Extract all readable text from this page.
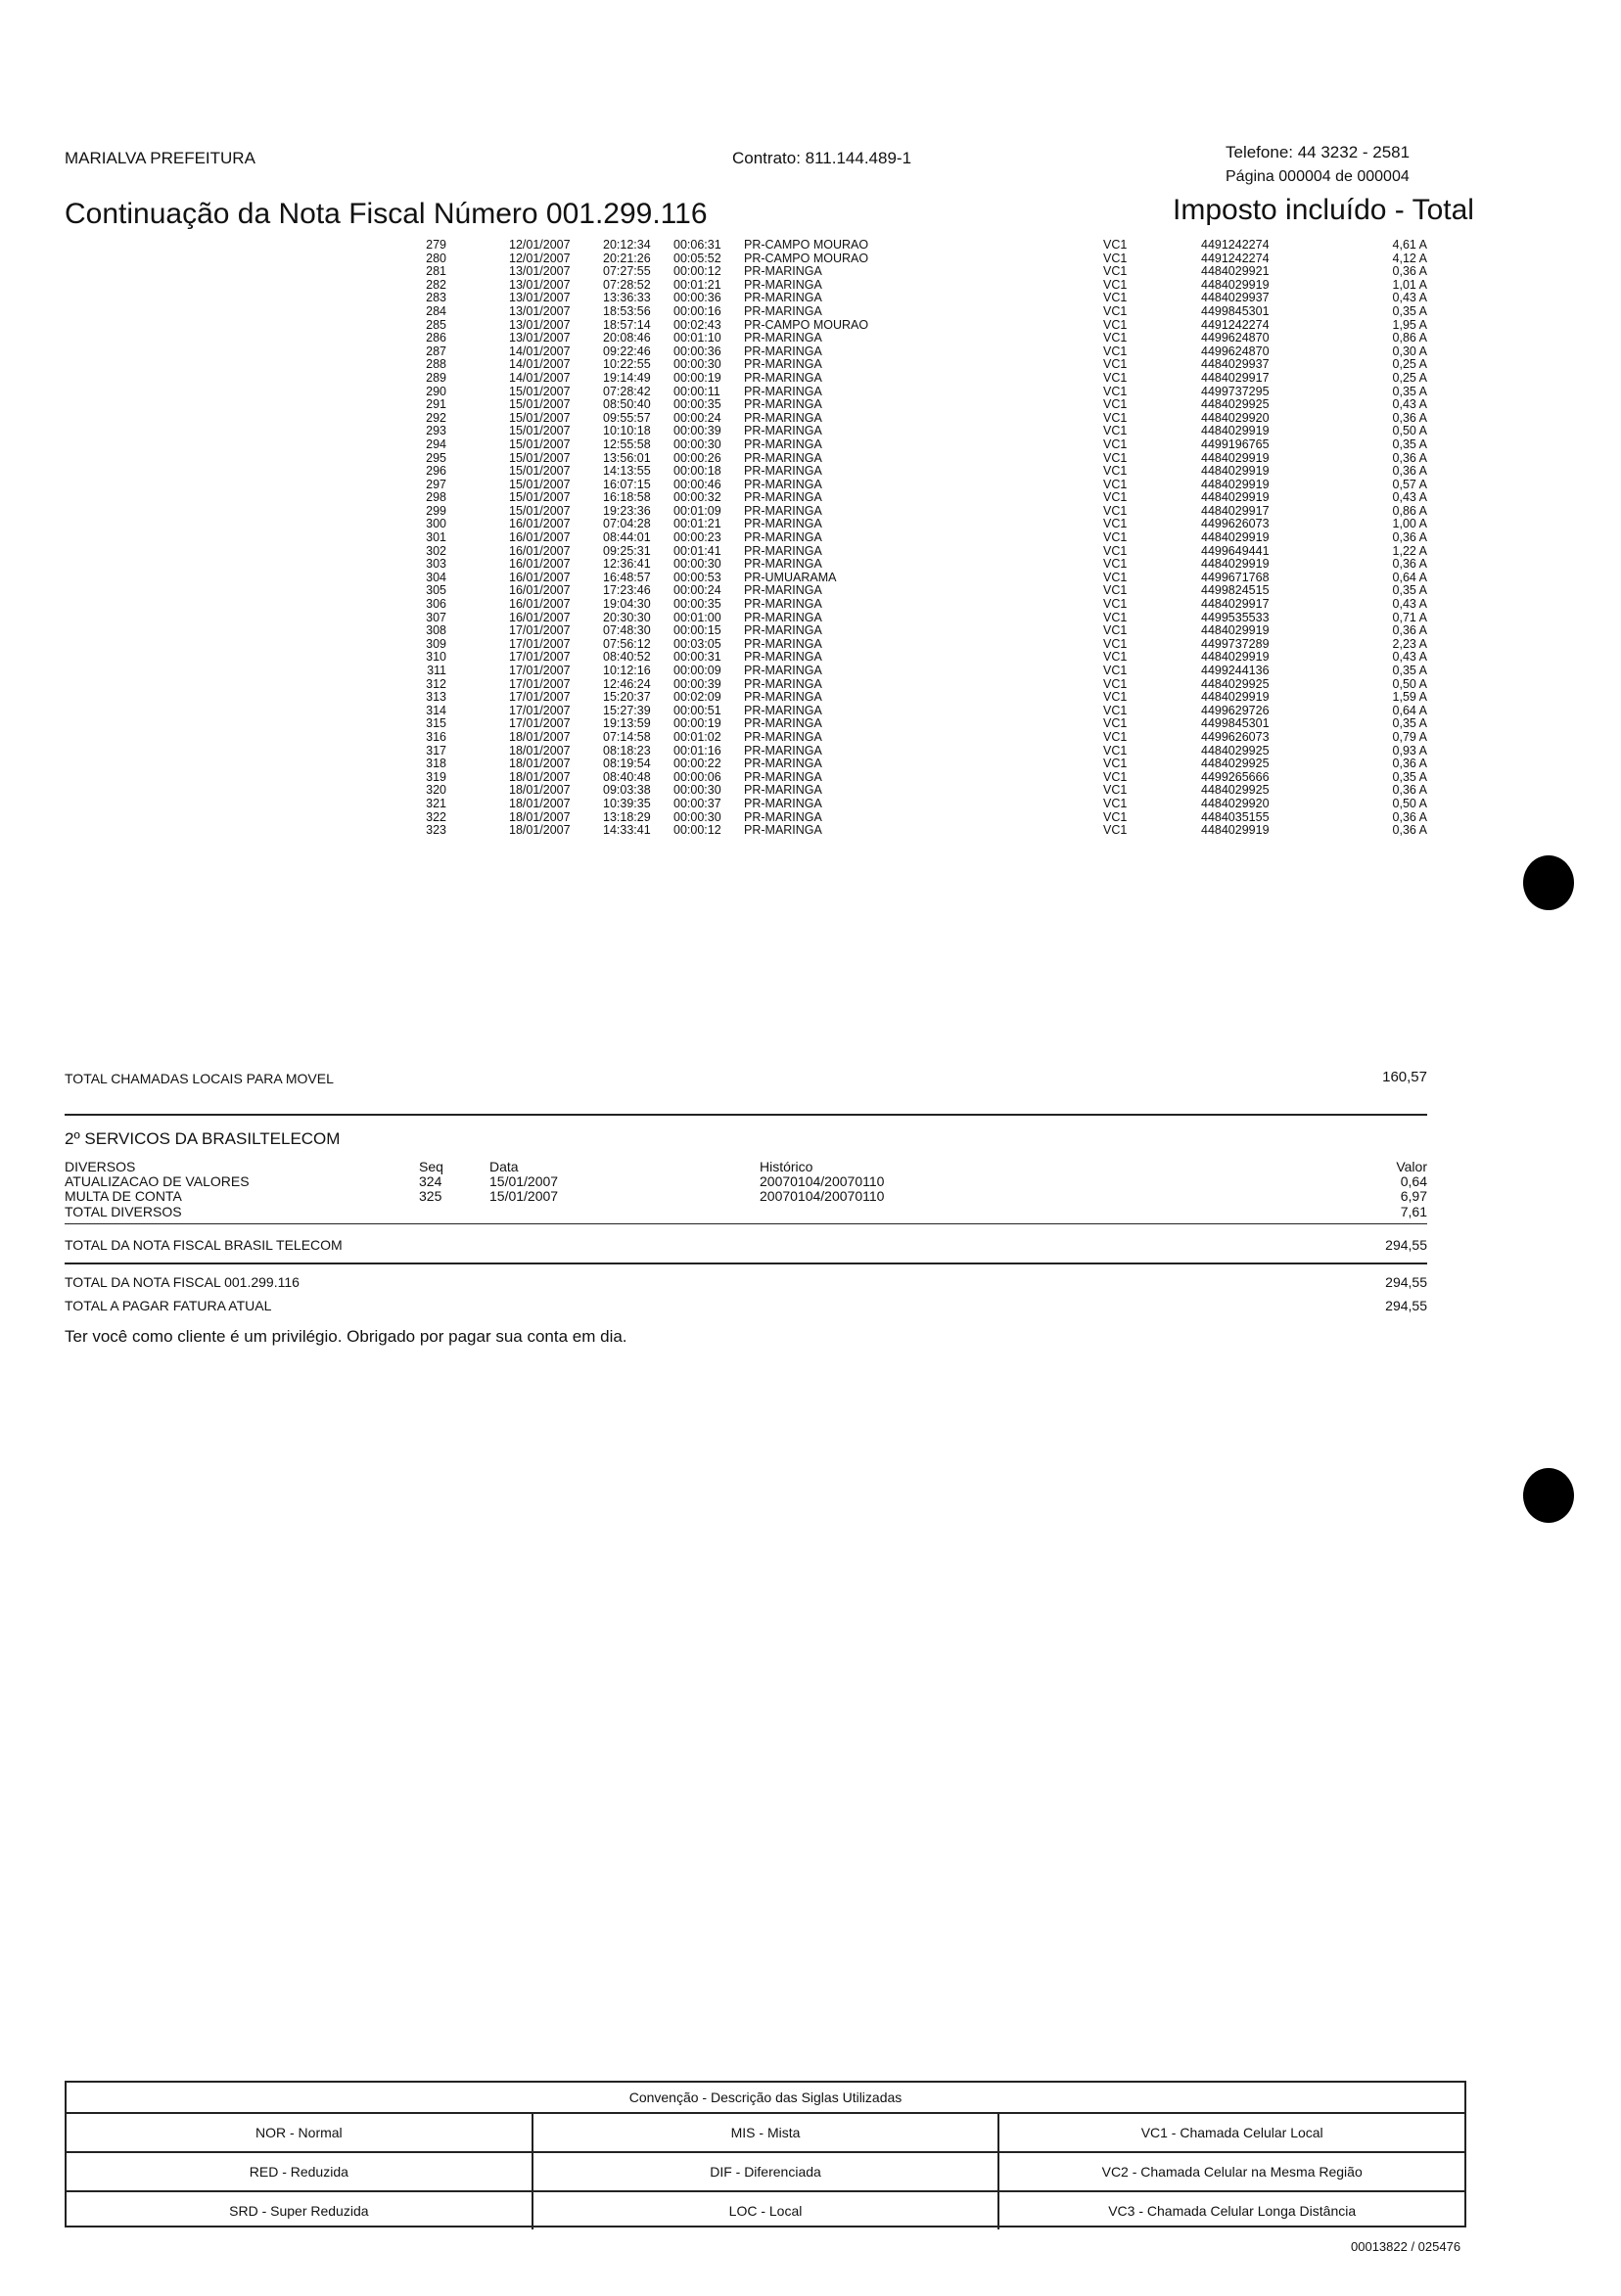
MARIALVA PREFEITURA	Contrato: 811.144.489-1	Telefone: 44 3232 - 2581
Página 000004 de 000004
Continuação da Nota Fiscal Número 001.299.116	Imposto incluído - Total
279	12/01/2007	20:12:34 00:06:31 PR-CAMPO MOURAO	VC1	4491242274	4,61 A
280	12/01/2007	20:21:26 00:05:52 PR-CAMPO MOURAO	VC1	4491242274	4,12 A
281	13/01/2007	07:27:55 00:00:12 PR-MARINGA	VC1	4484029921	0,36 A
282	13/01/2007	07:28:52 00:01:21 PR-MARINGA	VC1	4484029919	1,01 A
283	13/01/2007	13:36:33 00:00:36 PR-MARINGA	VC1	4484029937	0,43 A
284	13/01/2007	18:53:56 00:00:16 PR-MARINGA	VC1	4499845301	0,35 A
285	13/01/2007	18:57:14 00:02:43 PR-CAMPO MOURAO	VC1	4491242274	1,95 A
286	13/01/2007	20:08:46 00:01:10 PR-MARINGA	VC1	4499624870	0,86 A
287	14/01/2007	09:22:46 00:00:36 PR-MARINGA	VC1	4499624870	0,30 A
288	14/01/2007	10:22:55 00:00:30 PR-MARINGA	VC1	4484029937	0,25 A
289	14/01/2007	19:14:49 00:00:19 PR-MARINGA	VC1	4484029917	0,25 A
290	15/01/2007	07:28:42 00:00:11 PR-MARINGA	VC1	4499737295	0,35 A
291	15/01/2007	08:50:40 00:00:35 PR-MARINGA	VC1	4484029925	0,43 A
292	15/01/2007	09:55:57 00:00:24 PR-MARINGA	VC1	4484029920	0,36 A
293	15/01/2007	10:10:18 00:00:39 PR-MARINGA	VC1	4484029919	0,50 A
294	15/01/2007	12:55:58 00:00:30 PR-MARINGA	VC1	4499196765	0,35 A
295	15/01/2007	13:56:01 00:00:26 PR-MARINGA	VC1	4484029919	0,36 A
296	15/01/2007	14:13:55 00:00:18 PR-MARINGA	VC1	4484029919	0,36 A
297	15/01/2007	16:07:15 00:00:46 PR-MARINGA	VC1	4484029919	0,57 A
298	15/01/2007	16:18:58 00:00:32 PR-MARINGA	VC1	4484029919	0,43 A
299	15/01/2007	19:23:36 00:01:09 PR-MARINGA	VC1	4484029917	0,86 A
300	16/01/2007	07:04:28 00:01:21 PR-MARINGA	VC1	4499626073	1,00 A
301	16/01/2007	08:44:01 00:00:23 PR-MARINGA	VC1	4484029919	0,36 A
302	16/01/2007	09:25:31 00:01:41 PR-MARINGA	VC1	4499649441	1,22 A
303	16/01/2007	12:36:41 00:00:30 PR-MARINGA	VC1	4484029919	0,36 A
304	16/01/2007	16:48:57 00:00:53 PR-UMUARAMA	VC1	4499671768	0,64 A
305	16/01/2007	17:23:46 00:00:24 PR-MARINGA	VC1	4499824515	0,35 A
306	16/01/2007	19:04:30 00:00:35 PR-MARINGA	VC1	4484029917	0,43 A
307	16/01/2007	20:30:30 00:01:00 PR-MARINGA	VC1	4499535533	0,71 A
308	17/01/2007	07:48:30 00:00:15 PR-MARINGA	VC1	4484029919	0,36 A
309	17/01/2007	07:56:12 00:03:05 PR-MARINGA	VC1	4499737289	2,23 A
310	17/01/2007	08:40:52 00:00:31 PR-MARINGA	VC1	4484029919	0,43 A
311	17/01/2007	10:12:16 00:00:09 PR-MARINGA	VC1	4499244136	0,35 A
312	17/01/2007	12:46:24 00:00:39 PR-MARINGA	VC1	4484029925	0,50 A
313	17/01/2007	15:20:37 00:02:09 PR-MARINGA	VC1	4484029919	1,59 A
314	17/01/2007	15:27:39 00:00:51 PR-MARINGA	VC1	4499629726	0,64 A
315	17/01/2007	19:13:59 00:00:19 PR-MARINGA	VC1	4499845301	0,35 A
316	18/01/2007	07:14:58 00:01:02 PR-MARINGA	VC1	4499626073	0,79 A
317	18/01/2007	08:18:23 00:01:16 PR-MARINGA	VC1	4484029925	0,93 A
318	18/01/2007	08:19:54 00:00:22 PR-MARINGA	VC1	4484029925	0,36 A
319	18/01/2007	08:40:48 00:00:06 PR-MARINGA	VC1	4499265666	0,35 A
320	18/01/2007	09:03:38 00:00:30 PR-MARINGA	VC1	4484029925	0,36 A
321	18/01/2007	10:39:35 00:00:37 PR-MARINGA	VC1	4484029920	0,50 A
322	18/01/2007	13:18:29 00:00:30 PR-MARINGA	VC1	4484035155	0,36 A
323	18/01/2007	14:33:41 00:00:12 PR-MARINGA	VC1	4484029919	0,36 A
TOTAL CHAMADAS LOCAIS PARA MOVEL	160,57
2º SERVICOS DA BRASILTELECOM
DIVERSOS	Seq	Data	Histórico	Valor
ATUALIZACAO DE VALORES	324	15/01/2007	20070104/20070110	0,64
MULTA DE CONTA	325	15/01/2007	20070104/20070110	6,97
TOTAL DIVERSOS	7,61
TOTAL DA NOTA FISCAL BRASIL TELECOM	294,55
TOTAL DA NOTA FISCAL 001.299.116	294,55
TOTAL A PAGAR FATURA ATUAL	294,55
Ter você como cliente é um privilégio. Obrigado por pagar sua conta em dia.
Convenção - Descrição das Siglas Utilizadas
NOR - Normal	MIS - Mista	VC1 - Chamada Celular Local
RED - Reduzida	DIF - Diferenciada	VC2 - Chamada Celular na Mesma Região
SRD - Super Reduzida	LOC - Local	VC3 - Chamada Celular Longa Distância
00013822 / 025476
